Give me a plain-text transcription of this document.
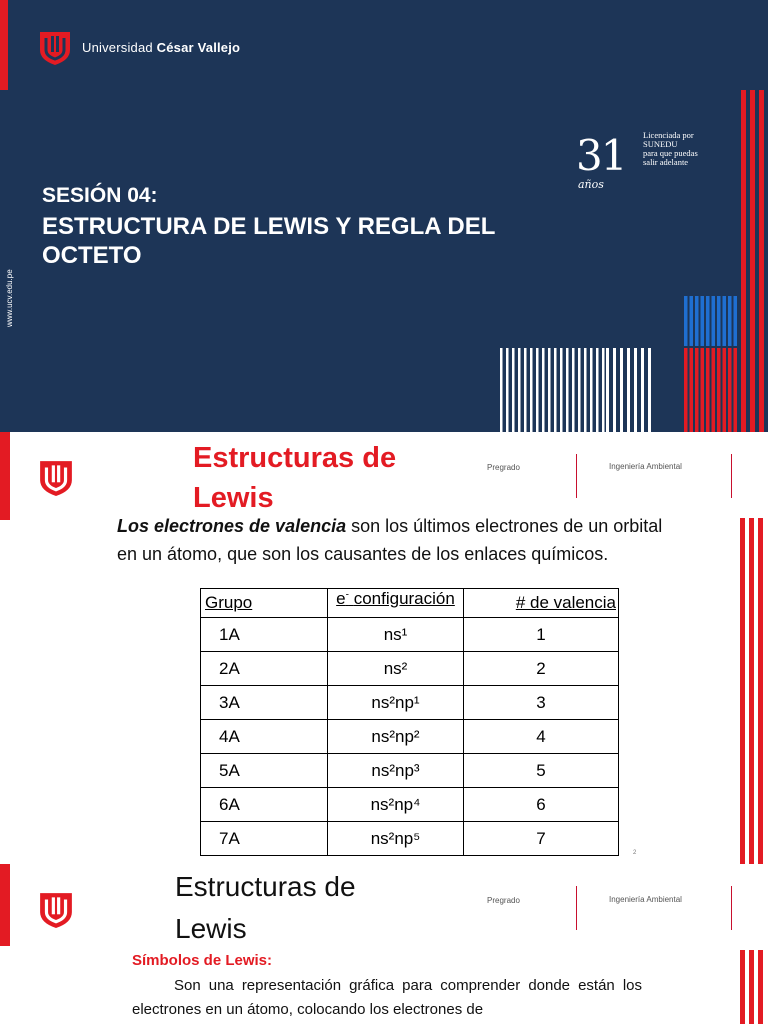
Universidad César Vallejo
31
años
Licenciada por
SUNEDU
para que puedas
salir adelante
SESIÓN 04:
ESTRUCTURA DE LEWIS Y REGLA DEL
OCTETO
www.ucv.edu.pe
Estructuras de
Lewis
Pregrado	Ingeniería Ambiental
Los electrones de valencia son los últimos electrones de un orbital en un átomo, que son los causantes de los enlaces químicos.
Grupo	e- configuración	# de valencia
1A	ns¹	1
2A	ns²	2
3A	ns²np¹	3
4A	ns²np²	4
5A	ns²np³	5
6A	ns²np⁴	6
7A	ns²np⁵	7
2
Estructuras de
Lewis
Pregrado	Ingeniería Ambiental
Símbolos de Lewis:
Son una representación gráfica para comprender donde están los electrones en un átomo, colocando los electrones de
